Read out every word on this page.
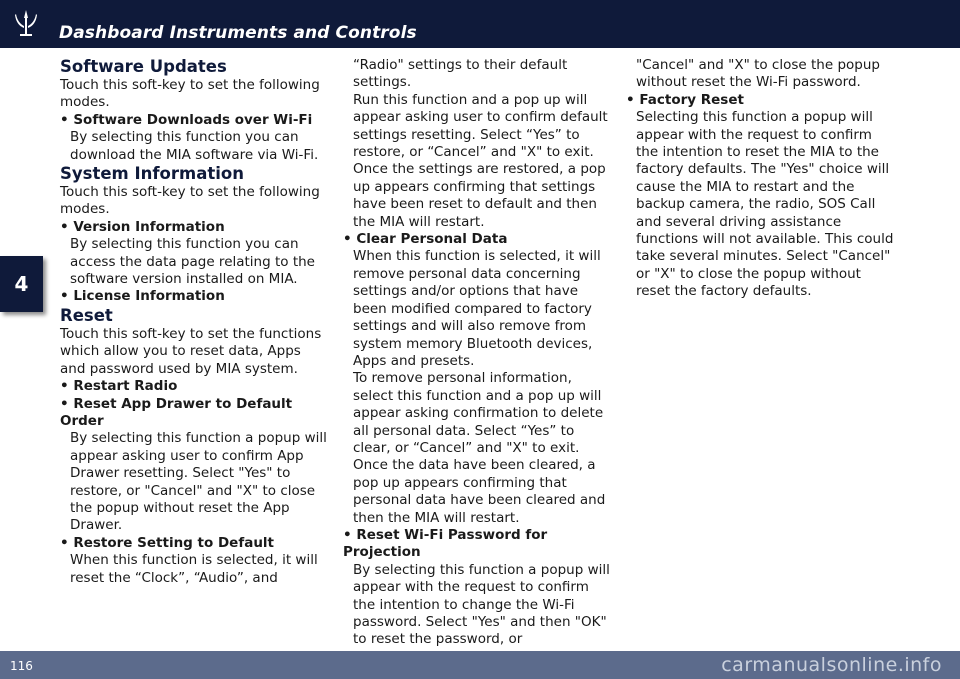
Dashboard Instruments and Controls
4
Software Updates

Touch this soft-key to set the following modes.

• Software Downloads over Wi-Fi

By selecting this function you can download the MIA software via Wi-Fi.

System Information

Touch this soft-key to set the following modes.

• Version Information

By selecting this function you can access the data page relating to the software version installed on MIA.

• License Information

Reset

Touch this soft-key to set the functions which allow you to reset data, Apps and password used by MIA system.

• Restart Radio

• Reset App Drawer to Default Order

By selecting this function a popup will appear asking user to confirm App Drawer resetting. Select "Yes" to restore, or "Cancel" and "X" to close the popup without reset the App Drawer.

• Restore Setting to Default

When this function is selected, it will reset the “Clock”, “Audio”, and

“Radio" settings to their default settings.

Run this function and a pop up will appear asking user to confirm default settings resetting. Select “Yes” to restore, or “Cancel” and "X" to exit. Once the settings are restored, a pop up appears confirming that settings have been reset to default and then the MIA will restart.

• Clear Personal Data

When this function is selected, it will remove personal data concerning settings and/or options that have been modified compared to factory settings and will also remove from system memory Bluetooth devices, Apps and presets.

To remove personal information, select this function and a pop up will appear asking confirmation to delete all personal data. Select “Yes” to clear, or “Cancel” and "X" to exit. Once the data have been cleared, a pop up appears confirming that personal data have been cleared and then the MIA will restart.

• Reset Wi-Fi Password for Projection

By selecting this function a popup will appear with the request to confirm the intention to change the Wi-Fi password. Select "Yes" and then "OK" to reset the password, or

"Cancel" and "X" to close the popup without reset the Wi-Fi password.

• Factory Reset

Selecting this function a popup will appear with the request to confirm the intention to reset the MIA to the factory defaults. The "Yes" choice will cause the MIA to restart and the backup camera, the radio, SOS Call and several driving assistance functions will not available. This could take several minutes. Select "Cancel" or "X" to close the popup without reset the factory defaults.

116	carmanualsonline.info
